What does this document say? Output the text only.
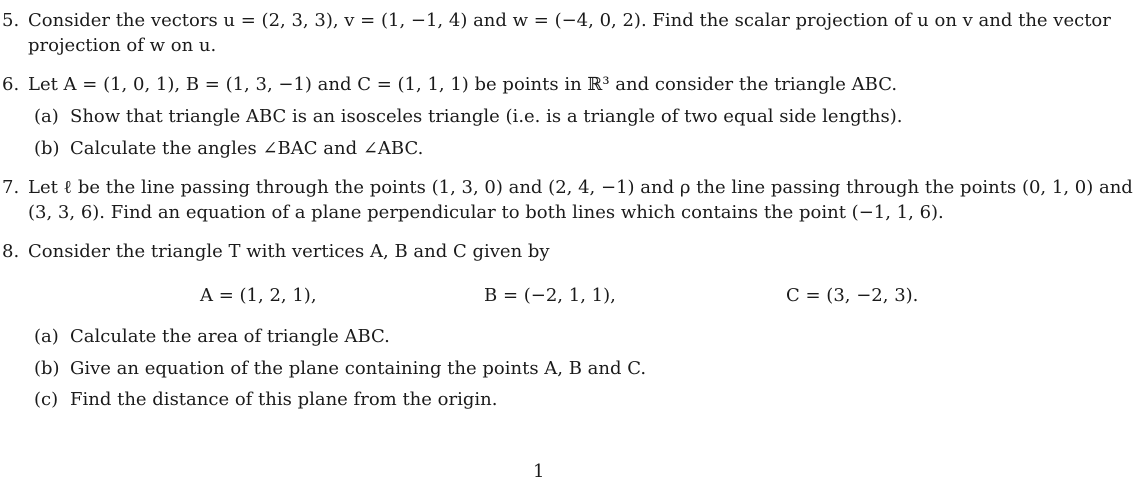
5. Consider the vectors u = (2, 3, 3), v = (1, −1, 4) and w = (−4, 0, 2). Find the scalar projection of u on v and the vector
projection of w on u.
6. Let A = (1, 0, 1), B = (1, 3, −1) and C = (1, 1, 1) be points in ℝ³ and consider the triangle ABC.
(a) Show that triangle ABC is an isosceles triangle (i.e. is a triangle of two equal side lengths).
(b) Calculate the angles ∠BAC and ∠ABC.
7. Let ℓ be the line passing through the points (1, 3, 0) and (2, 4, −1) and ρ the line passing through the points (0, 1, 0) and
(3, 3, 6). Find an equation of a plane perpendicular to both lines which contains the point (−1, 1, 6).
8. Consider the triangle T with vertices A, B and C given by
A = (1, 2, 1),	B = (−2, 1, 1),	C = (3, −2, 3).
(a) Calculate the area of triangle ABC.
(b) Give an equation of the plane containing the points A, B and C.
(c) Find the distance of this plane from the origin.
1
